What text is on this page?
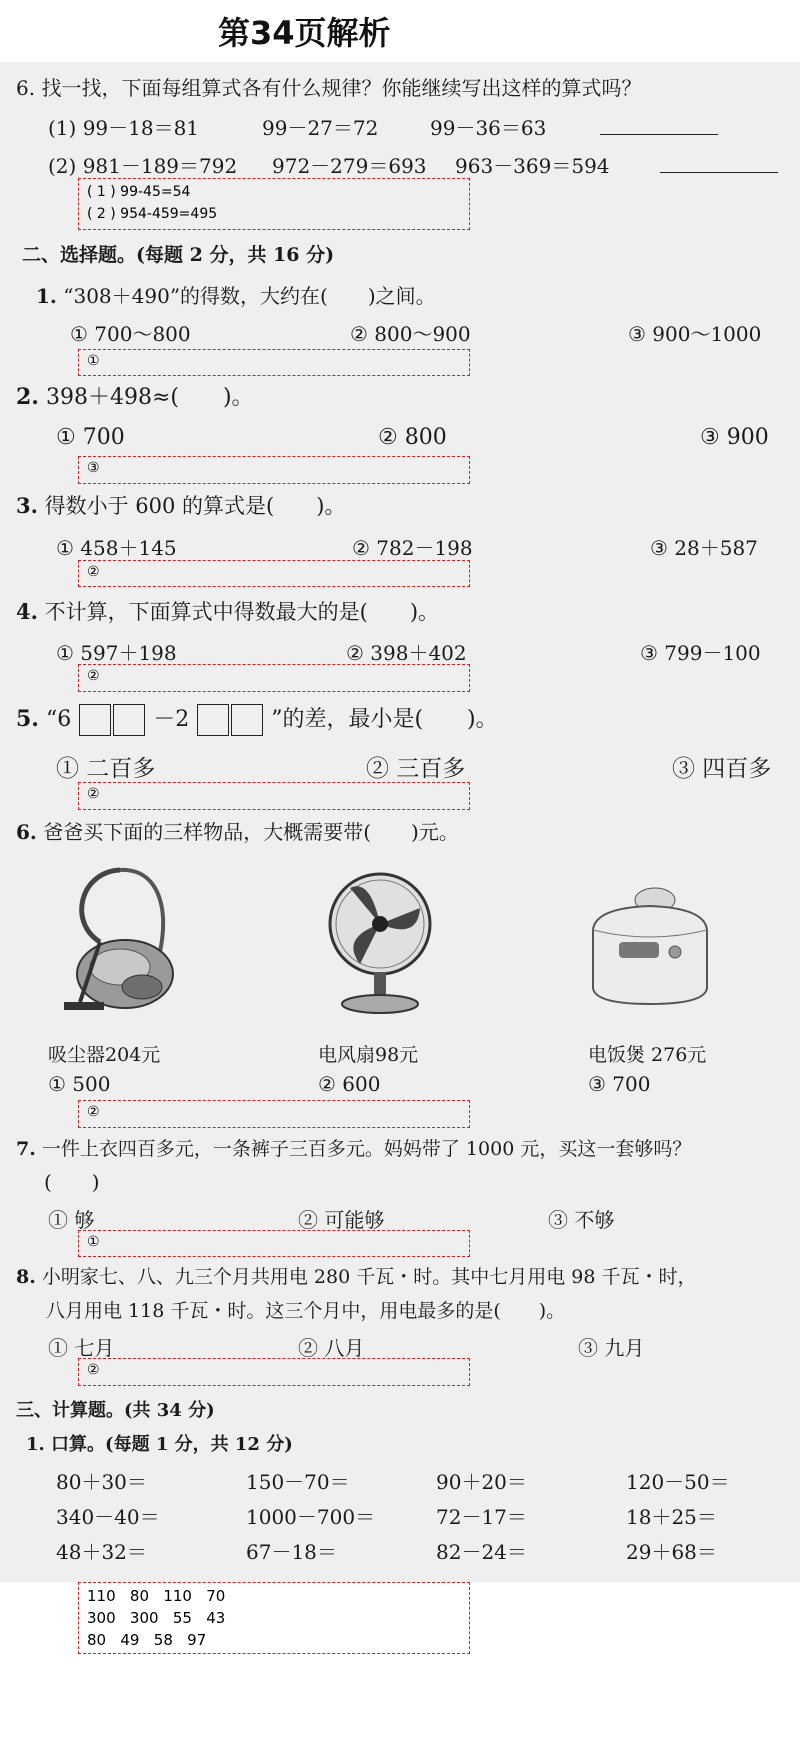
第34页解析
6. 找一找，下面每组算式各有什么规律？你能继续写出这样的算式吗？
(1) 99－18＝81	99－27＝72	99－36＝63
(2) 981－189＝792 972－279＝693 963－369＝594
( 1 ) 99-45=54
( 2 ) 954-459=495
二、选择题。(每题 2 分，共 16 分)
1. “308＋490”的得数，大约在(　　)之间。
① 700～800	② 800～900	③ 900～1000
①
2. 398＋498≈(　　)。
① 700	② 800	③ 900
③
3. 得数小于 600 的算式是(　　)。
① 458＋145	② 782－198	③ 28＋587
②
4. 不计算，下面算式中得数最大的是(　　)。
① 597＋198	② 398＋402	③ 799－100
②
5. “6	－2	”的差，最小是(　　)。
① 二百多	② 三百多	③ 四百多
②
6. 爸爸买下面的三样物品，大概需要带(　　)元。
吸尘器204元	电风扇98元	电饭煲 276元
① 500	② 600	③ 700
②
7. 一件上衣四百多元，一条裤子三百多元。妈妈带了 1000 元，买这一套够吗？
(　　)
① 够	② 可能够	③ 不够
①
8. 小明家七、八、九三个月共用电 280 千瓦・时。其中七月用电 98 千瓦・时，
八月用电 118 千瓦・时。这三个月中，用电最多的是(　　)。
① 七月	② 八月	③ 九月
②
三、计算题。(共 34 分)
1. 口算。(每题 1 分，共 12 分)
80＋30＝	150－70＝	90＋20＝	120－50＝
340－40＝	1000－700＝	72－17＝	18＋25＝
48＋32＝	67－18＝	82－24＝	29＋68＝
110   80   110   70
300   300   55   43
80   49   58   97
